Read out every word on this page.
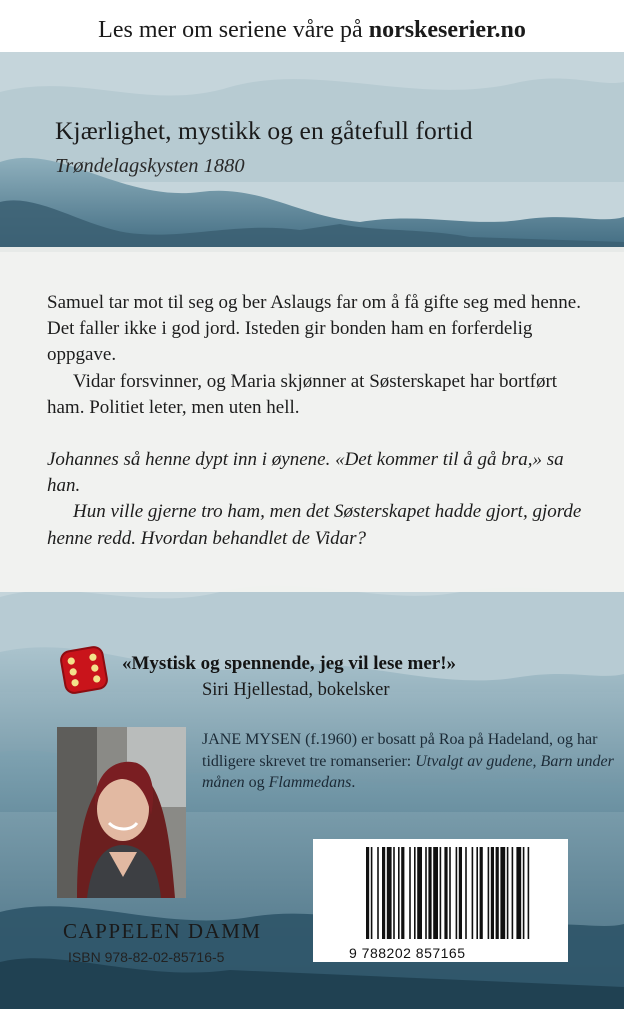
Les mer om seriene våre på norskeserier.no
Kjærlighet, mystikk og en gåtefull fortid
Trøndelagskysten 1880

Samuel tar mot til seg og ber Aslaugs far om å få gifte seg med henne. Det faller ikke i god jord. Isteden gir bonden ham en forferdelig oppgave.

Vidar forsvinner, og Maria skjønner at Søsterskapet har bortført ham. Politiet leter, men uten hell.

Johannes så henne dypt inn i øynene. «Det kommer til å gå bra,» sa han.

Hun ville gjerne tro ham, men det Søsterskapet hadde gjort, gjorde henne redd. Hvordan behandlet de Vidar?

«Mystisk og spennende, jeg vil lese mer!»
Siri Hjellestad, bokelsker
JANE MYSEN (f.1960) er bosatt på Roa på Hadeland, og har tidligere skrevet tre romanserier: Utvalgt av gudene, Barn under månen og Flammedans.
9 788202 857165
CAPPELEN DAMM
ISBN 978-82-02-85716-5
